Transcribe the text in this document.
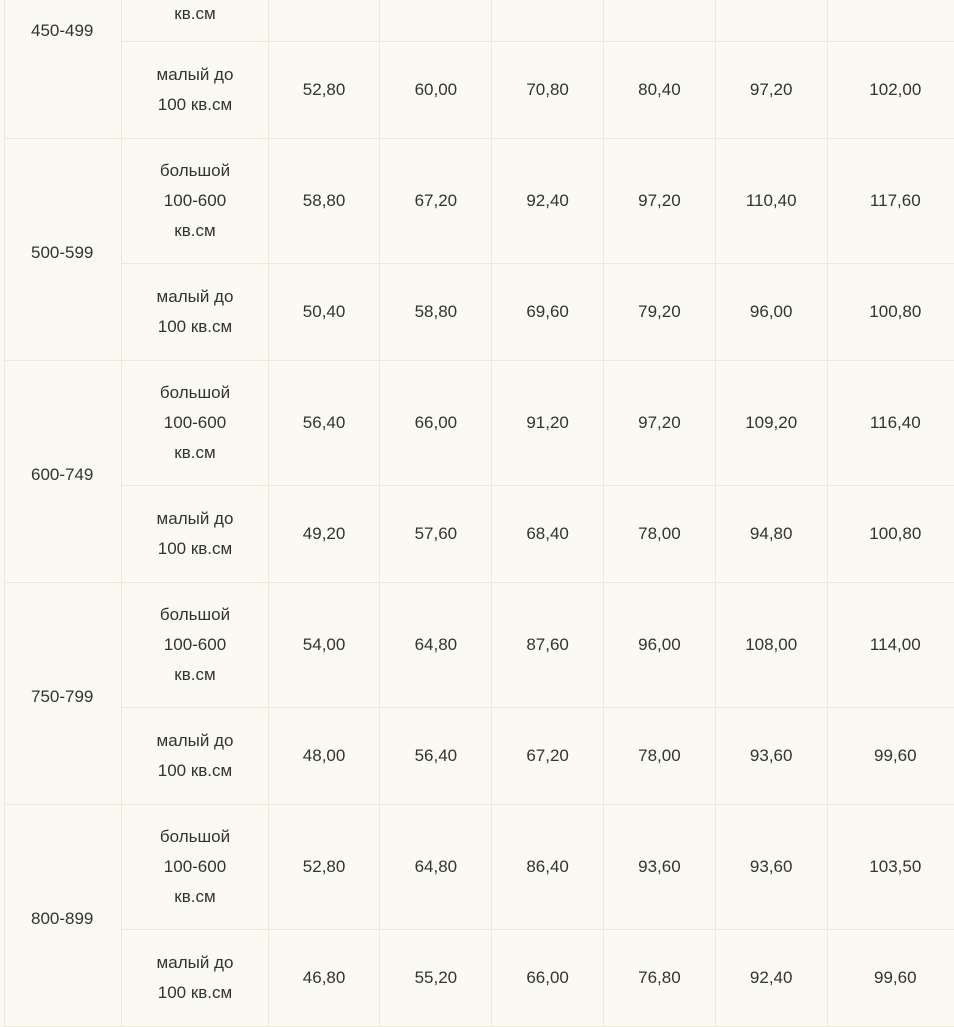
450-499	кв.см						

	малый до
100 кв.см	52,80	60,00	70,80	80,40	97,20	102,00
500-599	большой
100-600
кв.см	58,80	67,20	92,40	97,20	110,40	117,60

	малый до
100 кв.см	50,40	58,80	69,60	79,20	96,00	100,80
600-749	большой
100-600
кв.см	56,40	66,00	91,20	97,20	109,20	116,40

	малый до
100 кв.см	49,20	57,60	68,40	78,00	94,80	100,80
750-799	большой
100-600
кв.см	54,00	64,80	87,60	96,00	108,00	114,00

	малый до
100 кв.см	48,00	56,40	67,20	78,00	93,60	99,60
800-899	большой
100-600
кв.см	52,80	64,80	86,40	93,60	93,60	103,50

	малый до
100 кв.см	46,80	55,20	66,00	76,80	92,40	99,60
